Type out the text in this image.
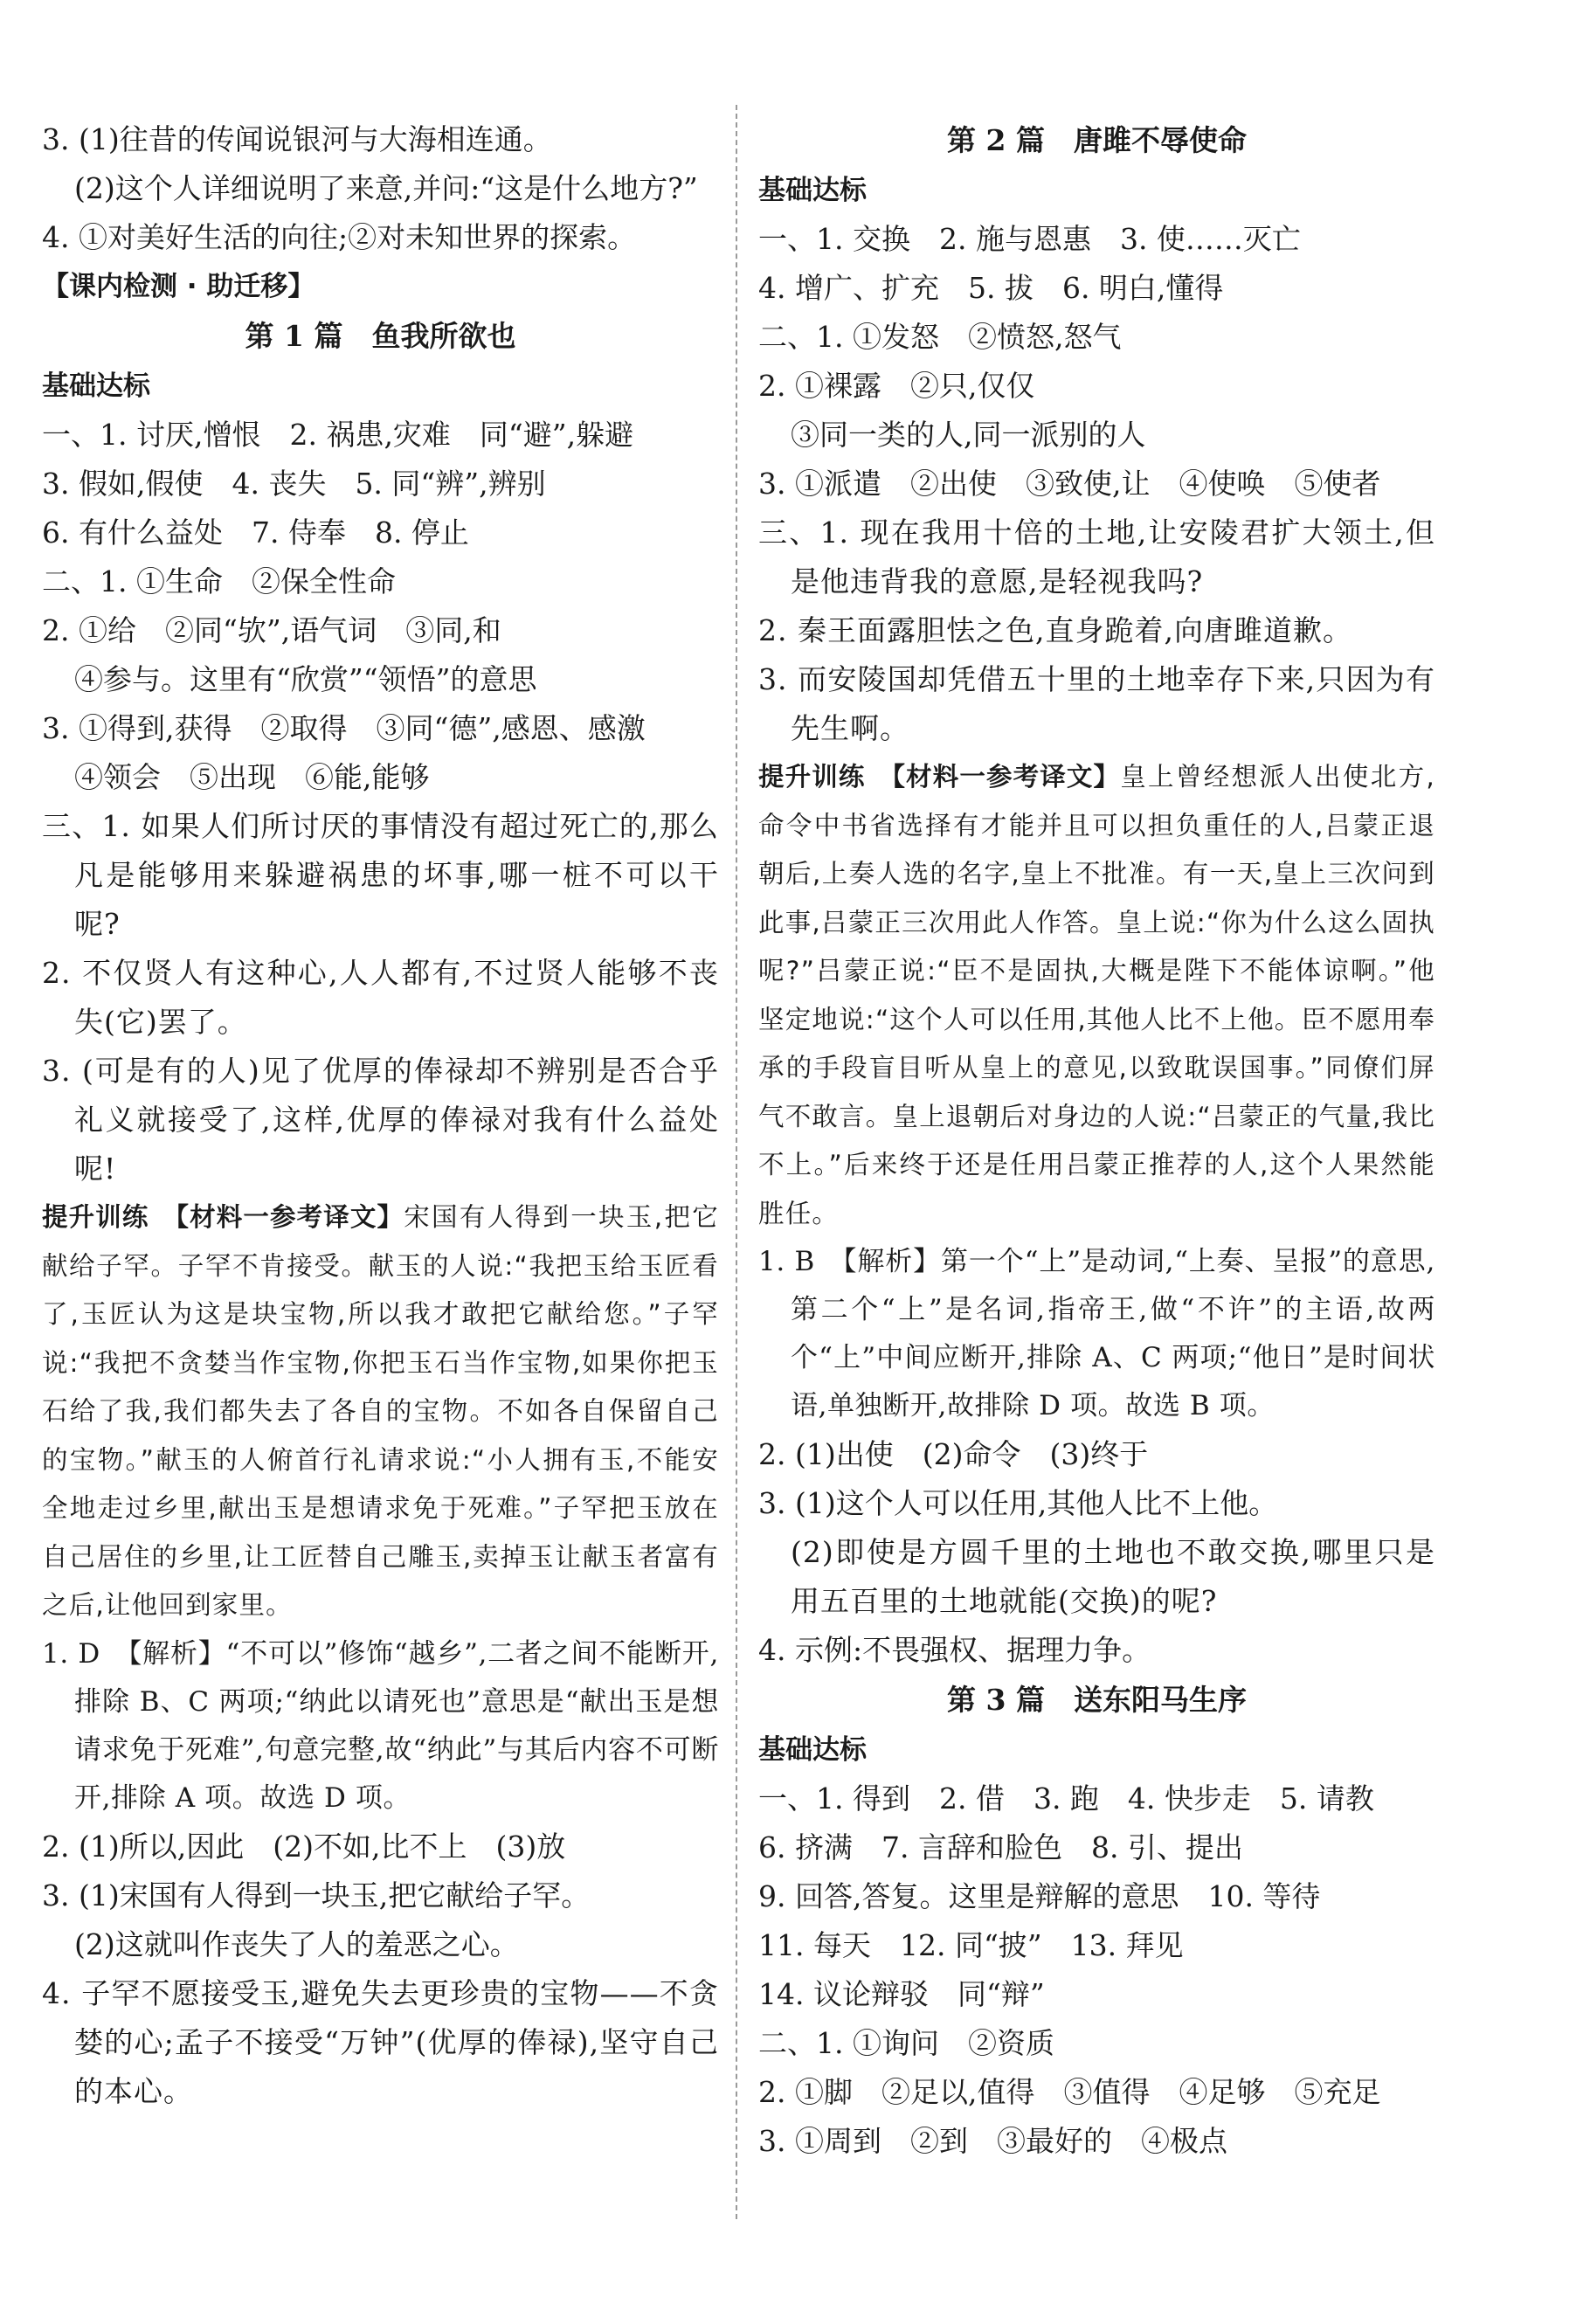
3. (1)往昔的传闻说银河与大海相连通。
(2)这个人详细说明了来意,并问:“这是什么地方?”
4. ①对美好生活的向往;②对未知世界的探索。
【课内检测 · 助迁移】
第 1 篇　鱼我所欲也
基础达标
一、1. 讨厌,憎恨　2. 祸患,灾难　同“避”,躲避
3. 假如,假使　4. 丧失　5. 同“辨”,辨别
6. 有什么益处　7. 侍奉　8. 停止
二、1. ①生命　②保全性命
2. ①给　②同“欤”,语气词　③同,和
④参与。这里有“欣赏”“领悟”的意思
3. ①得到,获得　②取得　③同“德”,感恩、感激
④领会　⑤出现　⑥能,能够
三、1. 如果人们所讨厌的事情没有超过死亡的,那么凡是能够用来躲避祸患的坏事,哪一桩不可以干呢?
2. 不仅贤人有这种心,人人都有,不过贤人能够不丧失(它)罢了。
3. (可是有的人)见了优厚的俸禄却不辨别是否合乎礼义就接受了,这样,优厚的俸禄对我有什么益处呢!
提升训练　【材料一参考译文】宋国有人得到一块玉,把它献给子罕。子罕不肯接受。献玉的人说:“我把玉给玉匠看了,玉匠认为这是块宝物,所以我才敢把它献给您。”子罕说:“我把不贪婪当作宝物,你把玉石当作宝物,如果你把玉石给了我,我们都失去了各自的宝物。不如各自保留自己的宝物。”献玉的人俯首行礼请求说:“小人拥有玉,不能安全地走过乡里,献出玉是想请求免于死难。”子罕把玉放在自己居住的乡里,让工匠替自己雕玉,卖掉玉让献玉者富有之后,让他回到家里。
1. D　【解析】“不可以”修饰“越乡”,二者之间不能断开,排除 B、C 两项;“纳此以请死也”意思是“献出玉是想请求免于死难”,句意完整,故“纳此”与其后内容不可断开,排除 A 项。故选 D 项。
2. (1)所以,因此　(2)不如,比不上　(3)放
3. (1)宋国有人得到一块玉,把它献给子罕。
(2)这就叫作丧失了人的羞恶之心。
4. 子罕不愿接受玉,避免失去更珍贵的宝物——不贪婪的心;孟子不接受“万钟”(优厚的俸禄),坚守自己的本心。
第 2 篇　唐雎不辱使命
基础达标
一、1. 交换　2. 施与恩惠　3. 使……灭亡
4. 增广、扩充　5. 拔　6. 明白,懂得
二、1. ①发怒　②愤怒,怒气
2. ①裸露　②只,仅仅
③同一类的人,同一派别的人
3. ①派遣　②出使　③致使,让　④使唤　⑤使者
三、1. 现在我用十倍的土地,让安陵君扩大领土,但是他违背我的意愿,是轻视我吗?
2. 秦王面露胆怯之色,直身跪着,向唐雎道歉。
3. 而安陵国却凭借五十里的土地幸存下来,只因为有先生啊。
提升训练　【材料一参考译文】皇上曾经想派人出使北方,命令中书省选择有才能并且可以担负重任的人,吕蒙正退朝后,上奏人选的名字,皇上不批准。有一天,皇上三次问到此事,吕蒙正三次用此人作答。皇上说:“你为什么这么固执呢?”吕蒙正说:“臣不是固执,大概是陛下不能体谅啊。”他坚定地说:“这个人可以任用,其他人比不上他。臣不愿用奉承的手段盲目听从皇上的意见,以致耽误国事。”同僚们屏气不敢言。皇上退朝后对身边的人说:“吕蒙正的气量,我比不上。”后来终于还是任用吕蒙正推荐的人,这个人果然能胜任。
1. B　【解析】第一个“上”是动词,“上奏、呈报”的意思,第二个“上”是名词,指帝王,做“不许”的主语,故两个“上”中间应断开,排除 A、C 两项;“他日”是时间状语,单独断开,故排除 D 项。故选 B 项。
2. (1)出使　(2)命令　(3)终于
3. (1)这个人可以任用,其他人比不上他。
(2)即使是方圆千里的土地也不敢交换,哪里只是用五百里的土地就能(交换)的呢?
4. 示例:不畏强权、据理力争。
第 3 篇　送东阳马生序
基础达标
一、1. 得到　2. 借　3. 跑　4. 快步走　5. 请教
6. 挤满　7. 言辞和脸色　8. 引、提出
9. 回答,答复。这里是辩解的意思　10. 等待
11. 每天　12. 同“披”　13. 拜见
14. 议论辩驳　同“辩”
二、1. ①询问　②资质
2. ①脚　②足以,值得　③值得　④足够　⑤充足
3. ①周到　②到　③最好的　④极点
